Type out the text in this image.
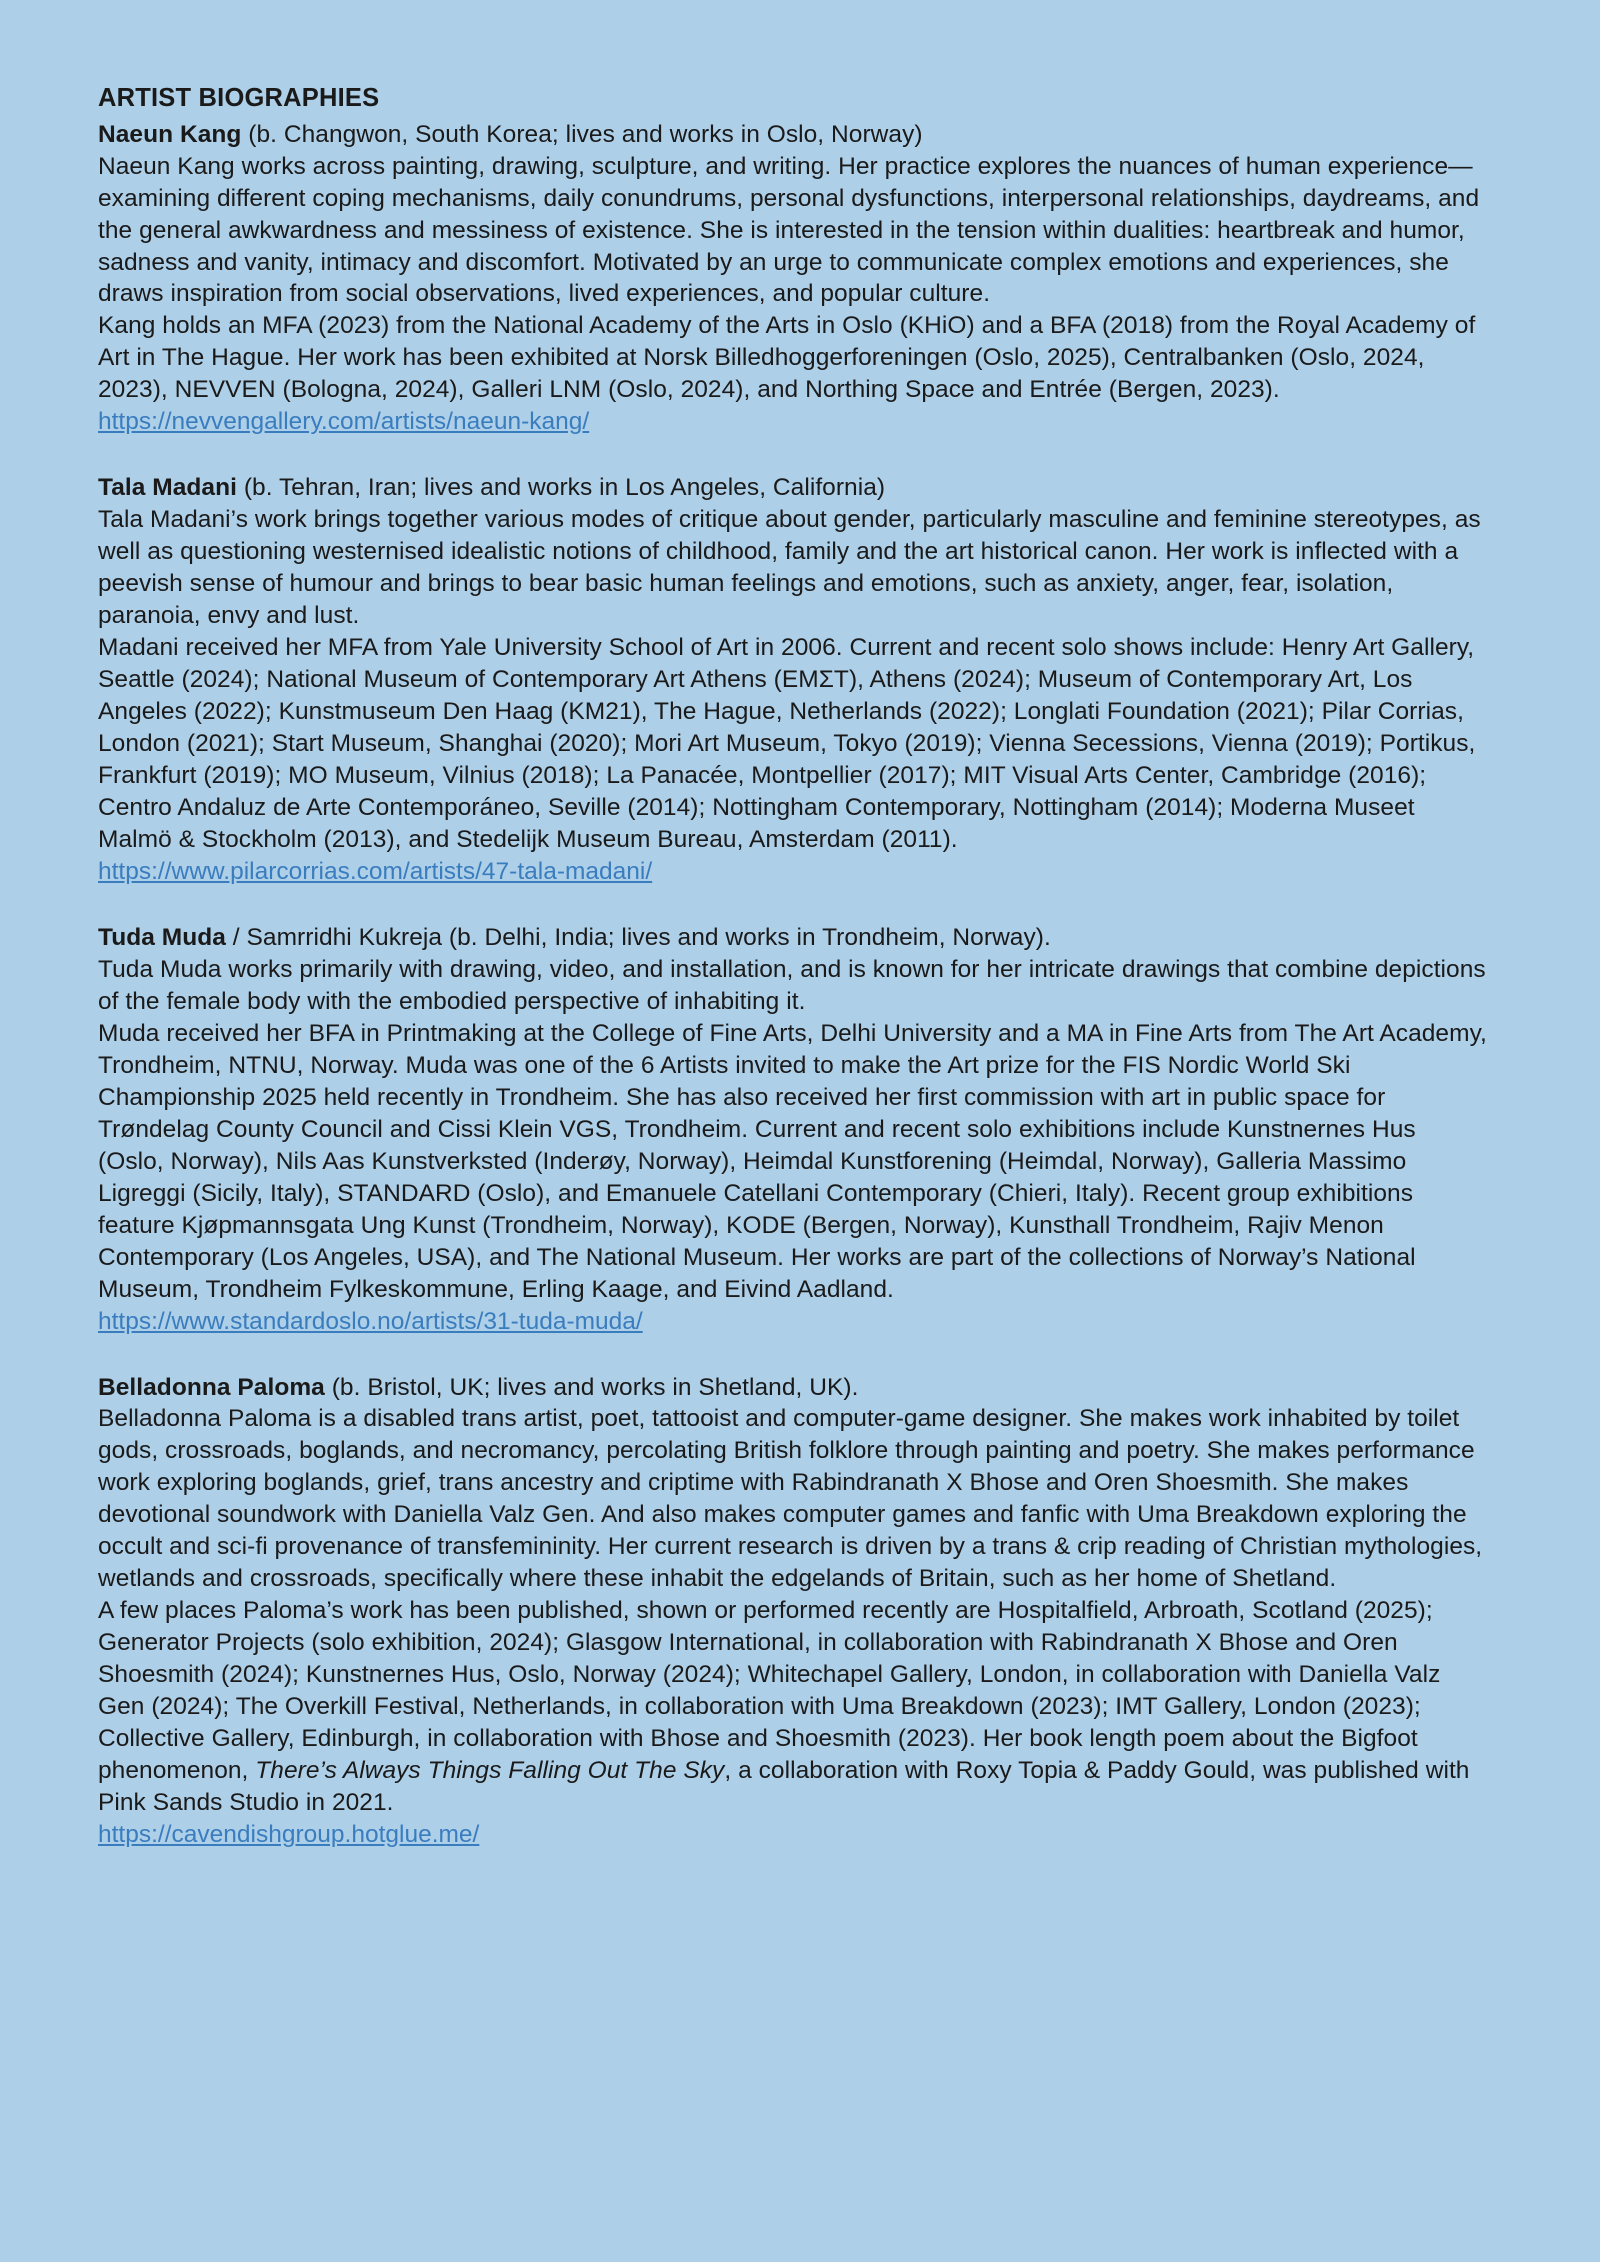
ARTIST BIOGRAPHIES

Naeun Kang (b. Changwon, South Korea; lives and works in Oslo, Norway)

Naeun Kang works across painting, drawing, sculpture, and writing. Her practice explores the nuances of human experience—examining different coping mechanisms, daily conundrums, personal dysfunctions, interpersonal relationships, daydreams, and the general awkwardness and messiness of existence. She is interested in the tension within dualities: heartbreak and humor, sadness and vanity, intimacy and discomfort. Motivated by an urge to communicate complex emotions and experiences, she draws inspiration from social observations, lived experiences, and popular culture.

Kang holds an MFA (2023) from the National Academy of the Arts in Oslo (KHiO) and a BFA (2018) from the Royal Academy of Art in The Hague. Her work has been exhibited at Norsk Billedhoggerforeningen (Oslo, 2025), Centralbanken (Oslo, 2024, 2023), NEVVEN (Bologna, 2024), Galleri LNM (Oslo, 2024), and Northing Space and Entrée (Bergen, 2023).

https://nevvengallery.com/artists/naeun-kang/

Tala Madani (b. Tehran, Iran; lives and works in Los Angeles, California)

Tala Madani’s work brings together various modes of critique about gender, particularly masculine and feminine stereotypes, as well as questioning westernised idealistic notions of childhood, family and the art historical canon. Her work is inflected with a peevish sense of humour and brings to bear basic human feelings and emotions, such as anxiety, anger, fear, isolation, paranoia, envy and lust.

Madani received her MFA from Yale University School of Art in 2006. Current and recent solo shows include: Henry Art Gallery, Seattle (2024); National Museum of Contemporary Art Athens (ΕΜΣΤ), Athens (2024); Museum of Contemporary Art, Los Angeles (2022); Kunstmuseum Den Haag (KM21), The Hague, Netherlands (2022); Longlati Foundation (2021); Pilar Corrias, London (2021); Start Museum, Shanghai (2020); Mori Art Museum, Tokyo (2019); Vienna Secessions, Vienna (2019); Portikus, Frankfurt (2019); MO Museum, Vilnius (2018); La Panacée, Montpellier (2017); MIT Visual Arts Center, Cambridge (2016); Centro Andaluz de Arte Contemporáneo, Seville (2014); Nottingham Contemporary, Nottingham (2014); Moderna Museet Malmö & Stockholm (2013), and Stedelijk Museum Bureau, Amsterdam (2011).

https://www.pilarcorrias.com/artists/47-tala-madani/

Tuda Muda / Samrridhi Kukreja (b. Delhi, India; lives and works in Trondheim, Norway).

Tuda Muda works primarily with drawing, video, and installation, and is known for her intricate drawings that combine depictions of the female body with the embodied perspective of inhabiting it.

Muda received her BFA in Printmaking at the College of Fine Arts, Delhi University and a MA in Fine Arts from The Art Academy, Trondheim, NTNU, Norway. Muda was one of the 6 Artists invited to make the Art prize for the FIS Nordic World Ski Championship 2025 held recently in Trondheim. She has also received her first commission with art in public space for Trøndelag County Council and Cissi Klein VGS, Trondheim. Current and recent solo exhibitions include Kunstnernes Hus (Oslo, Norway), Nils Aas Kunstverksted (Inderøy, Norway), Heimdal Kunstforening (Heimdal, Norway), Galleria Massimo Ligreggi (Sicily, Italy), STANDARD (Oslo), and Emanuele Catellani Contemporary (Chieri, Italy). Recent group exhibitions feature Kjøpmannsgata Ung Kunst (Trondheim, Norway), KODE (Bergen, Norway), Kunsthall Trondheim, Rajiv Menon Contemporary (Los Angeles, USA), and The National Museum. Her works are part of the collections of Norway’s National Museum, Trondheim Fylkeskommune, Erling Kaage, and Eivind Aadland.

https://www.standardoslo.no/artists/31-tuda-muda/

Belladonna Paloma (b. Bristol, UK; lives and works in Shetland, UK).

Belladonna Paloma is a disabled trans artist, poet, tattooist and computer-game designer. She makes work inhabited by toilet gods, crossroads, boglands, and necromancy, percolating British folklore through painting and poetry. She makes performance work exploring boglands, grief, trans ancestry and criptime with Rabindranath X Bhose and Oren Shoesmith. She makes devotional soundwork with Daniella Valz Gen. And also makes computer games and fanfic with Uma Breakdown exploring the occult and sci-fi provenance of transfemininity. Her current research is driven by a trans & crip reading of Christian mythologies, wetlands and crossroads, specifically where these inhabit the edgelands of Britain, such as her home of Shetland.

A few places Paloma’s work has been published, shown or performed recently are Hospitalfield, Arbroath, Scotland (2025); Generator Projects (solo exhibition, 2024); Glasgow International, in collaboration with Rabindranath X Bhose and Oren Shoesmith (2024); Kunstnernes Hus, Oslo, Norway (2024); Whitechapel Gallery, London, in collaboration with Daniella Valz Gen (2024); The Overkill Festival, Netherlands, in collaboration with Uma Breakdown (2023); IMT Gallery, London (2023); Collective Gallery, Edinburgh, in collaboration with Bhose and Shoesmith (2023). Her book length poem about the Bigfoot phenomenon, There’s Always Things Falling Out The Sky, a collaboration with Roxy Topia & Paddy Gould, was published with Pink Sands Studio in 2021.

https://cavendishgroup.hotglue.me/
